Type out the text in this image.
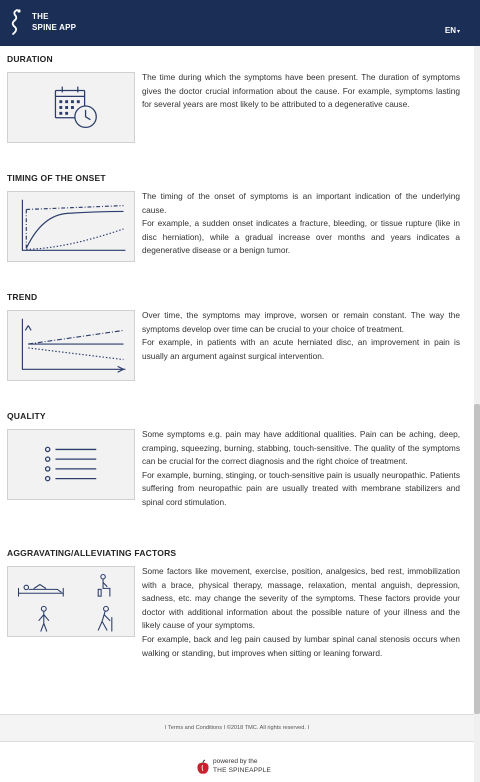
THE
SPINE APP	EN▾
DURATION

The time during which the symptoms have been present. The duration of symptoms gives the doctor crucial information about the cause. For example, symptoms lasting for several years are most likely to be attributed to a degenerative cause.

TIMING OF THE ONSET

The timing of the onset of symptoms is an important indication of the underlying cause.

For example, a sudden onset indicates a fracture, bleeding, or tissue rupture (like in disc herniation), while a gradual increase over months and years indicates a degenerative disease or a benign tumor.

TREND

Over time, the symptoms may improve, worsen or remain constant. The way the symptoms develop over time can be crucial to your choice of treatment.

For example, in patients with an acute herniated disc, an improvement in pain is usually an argument against surgical intervention.

QUALITY

Some symptoms e.g. pain may have additional qualities. Pain can be aching, deep, cramping, squeezing, burning, stabbing, touch-sensitive. The quality of the symptoms can be crucial for the correct diagnosis and the right choice of treatment.

For example, burning, stinging, or touch-sensitive pain is usually neuropathic. Patients suffering from neuropathic pain are usually treated with membrane stabilizers and spinal cord stimulation.

AGGRAVATING/ALLEVIATING FACTORS

Some factors like movement, exercise, position, analgesics, bed rest, immobilization with a brace, physical therapy, massage, relaxation, mental anguish, depression, sadness, etc. may change the severity of the symptoms. These factors provide your doctor with additional information about the possible nature of your illness and the likely cause of your symptoms.

For example, back and leg pain caused by lumbar spinal canal stenosis occurs when walking or standing, but improves when sitting or leaning forward.

I Terms and Conditions I ©2018 TMC. All rights reserved. I
powered by the
THE SPINEAPPLE
